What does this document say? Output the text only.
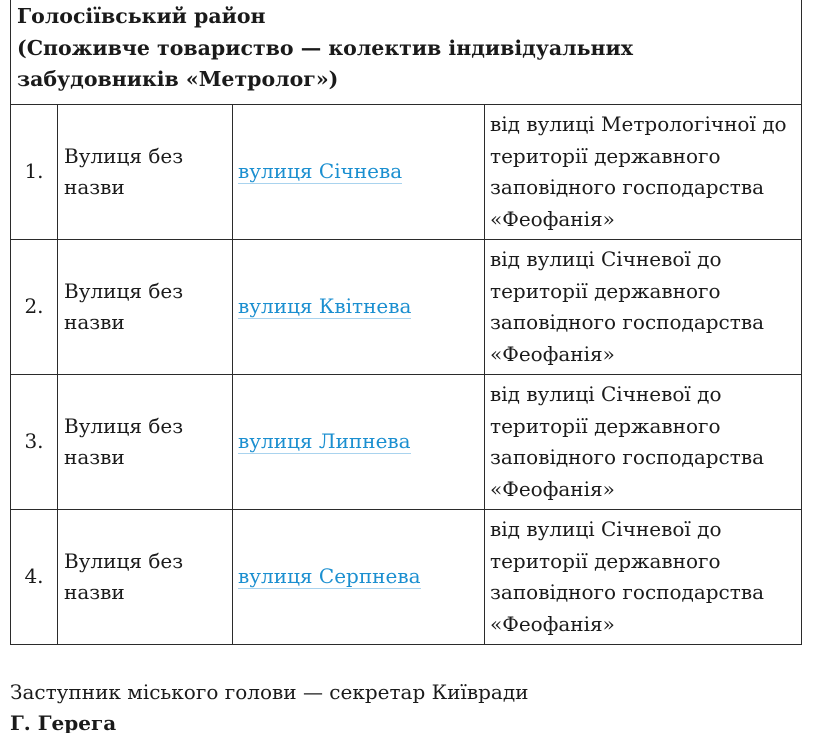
Голосіївський район
(Споживче товариство — колектив індивідуальних
забудовників «Метролог»)			

1.	Вулиця без назви	вулиця Січнева	від вулиці Метрологічної до території державного заповідного господарства «Феофанія»
2.	Вулиця без назви	вулиця Квітнева	від вулиці Січневої до території державного заповідного господарства «Феофанія»
3.	Вулиця без назви	вулиця Липнева	від вулиці Січневої до території державного заповідного господарства «Феофанія»
4.	Вулиця без назви	вулиця Серпнева	від вулиці Січневої до території державного заповідного господарства «Феофанія»
Заступник міського голови — секретар Київради
Г. Герега
